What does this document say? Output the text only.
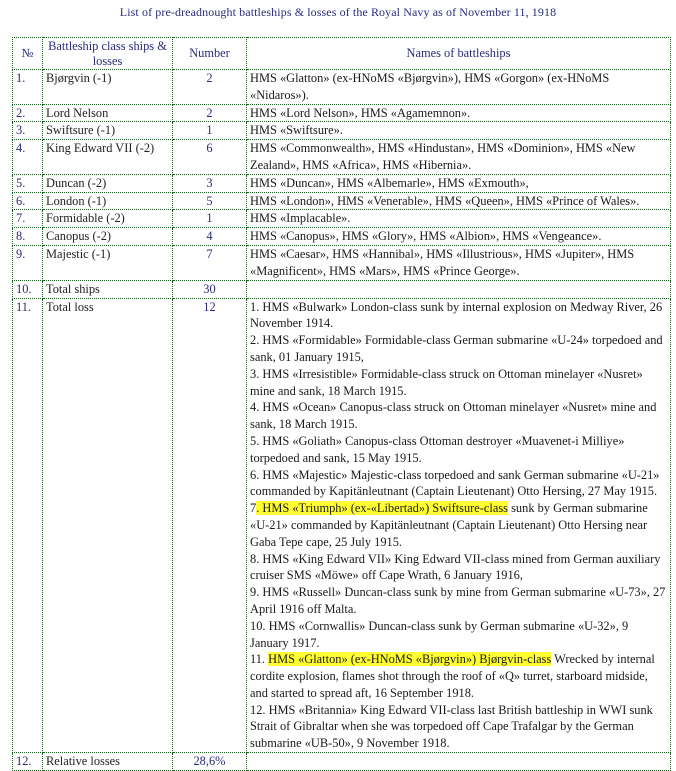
List of pre-dreadnought battleships & losses of the Royal Navy as of November 11, 1918
№	Battleship class ships & losses	Number	Names of battleships
1.	Bjørgvin (-1)	2	HMS «Glatton» (ex-HNoMS «Bjørgvin»), HMS «Gorgon» (ex-HNoMS «Nidaros»).
2.	Lord Nelson	2	HMS «Lord Nelson», HMS «Agamemnon».
3.	Swiftsure (-1)	1	HMS «Swiftsure».
4.	King Edward VII (-2)	6	HMS «Commonwealth», HMS «Hindustan», HMS «Dominion», HMS «New Zealand», HMS «Africa», HMS «Hibernia».
5.	Duncan (-2)	3	HMS «Duncan», HMS «Albemarle», HMS «Exmouth»,
6.	London (-1)	5	HMS «London», HMS «Venerable», HMS «Queen», HMS «Prince of Wales».
7.	Formidable (-2)	1	HMS «Implacable».
8.	Canopus (-2)	4	HMS «Canopus», HMS «Glory», HMS «Albion», HMS «Vengeance».
9.	Majestic (-1)	7	HMS «Caesar», HMS «Hannibal», HMS «Illustrious», HMS «Jupiter», HMS «Magnificent», HMS «Mars», HMS «Prince George».
10.	Total ships	30	
11.	Total loss	12	1. HMS «Bulwark» London-class sunk by internal explosion on Medway River, 26 November 1914.
2. HMS «Formidable» Formidable-class German submarine «U-24» torpedoed and sank, 01 January 1915,
3. HMS «Irresistible» Formidable-class struck on Ottoman minelayer «Nusret» mine and sank, 18 March 1915.
4. HMS «Ocean» Canopus-class struck on Ottoman minelayer «Nusret» mine and sank, 18 March 1915.
5. HMS «Goliath» Canopus-class Ottoman destroyer «Muavenet-i Milliye» torpedoed and sank, 15 May 1915.
6. HMS «Majestic» Majestic-class torpedoed and sank German submarine «U-21» commanded by Kapitänleutnant (Captain Lieutenant) Otto Hersing, 27 May 1915.
7. HMS «Triumph» (ex-«Libertad») Swiftsure-class sunk by German submarine «U-21» commanded by Kapitänleutnant (Captain Lieutenant) Otto Hersing near Gaba Tepe cape, 25 July 1915.
8. HMS «King Edward VII» King Edward VII-class mined from German auxiliary cruiser SMS «Möwe» off Cape Wrath, 6 January 1916,
9. HMS «Russell» Duncan-class sunk by mine from German submarine «U-73», 27 April 1916 off Malta.
10. HMS «Cornwallis» Duncan-class sunk by German submarine «U-32», 9 January 1917.
11. HMS «Glatton» (ex-HNoMS «Bjørgvin») Bjørgvin-class Wrecked by internal cordite explosion, flames shot through the roof of «Q» turret, starboard midside, and started to spread aft, 16 September 1918.
12. HMS «Britannia» King Edward VII-class last British battleship in WWI sunk Strait of Gibraltar when she was torpedoed off Cape Trafalgar by the German submarine «UB-50», 9 November 1918.

12.	Relative losses	28,6%	
